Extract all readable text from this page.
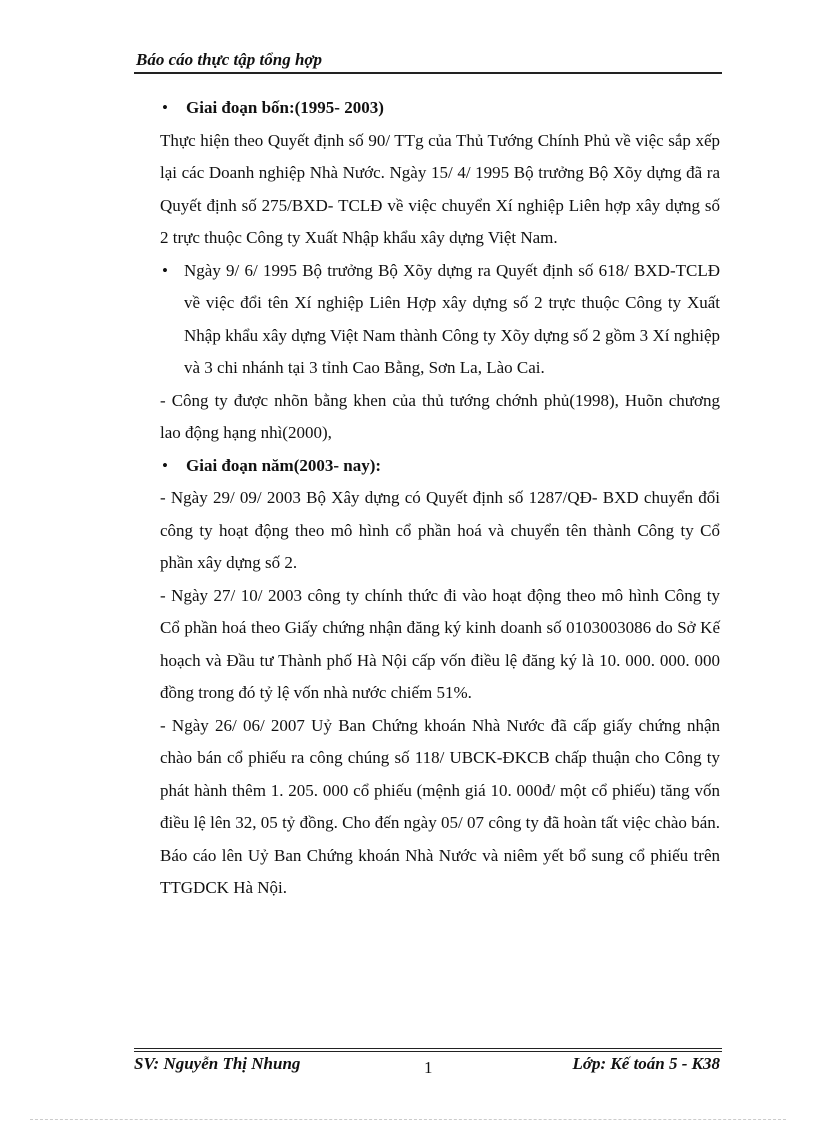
Báo cáo thực tập tổng hợp

• Giai đoạn bốn:(1995- 2003)

Thực hiện theo Quyết định số 90/ TTg của Thủ Tướng Chính Phủ về việc sắp xếp lại các Doanh nghiệp Nhà Nước. Ngày 15/ 4/ 1995 Bộ trưởng Bộ Xõy dựng đã ra Quyết định số 275/BXD- TCLĐ về việc chuyển Xí nghiệp Liên hợp xây dựng số 2 trực thuộc Công ty Xuất Nhập khẩu xây dựng Việt Nam.

• Ngày 9/ 6/ 1995 Bộ trưởng Bộ Xõy dựng ra Quyết định số 618/ BXD-TCLĐ về việc đổi tên Xí nghiệp Liên Hợp xây dựng số 2 trực thuộc Công ty Xuất Nhập khẩu xây dựng Việt Nam thành Công ty Xõy dựng số 2 gồm 3 Xí nghiệp và 3 chi nhánh tại 3 tỉnh Cao Bằng, Sơn La, Lào Cai.

- Công ty được nhõn bằng khen của thủ tướng chớnh phủ(1998), Huõn chương lao động hạng nhì(2000),

• Giai đoạn năm(2003- nay):

- Ngày 29/ 09/ 2003 Bộ Xây dựng có Quyết định số 1287/QĐ- BXD chuyển đổi công ty hoạt động theo mô hình cổ phần hoá và chuyển tên thành Công ty Cổ phần xây dựng số 2.

- Ngày 27/ 10/ 2003 công ty chính thức đi vào hoạt động theo mô hình Công ty Cổ phần hoá theo Giấy chứng nhận đăng ký kinh doanh số 0103003086 do Sở Kế hoạch và Đầu tư Thành phố Hà Nội cấp vốn điều lệ đăng ký là 10. 000. 000. 000 đồng trong đó tỷ lệ vốn nhà nước chiếm 51%.

- Ngày 26/ 06/ 2007 Uỷ Ban Chứng khoán Nhà Nước đã cấp giấy chứng nhận chào bán cổ phiếu ra công chúng số 118/ UBCK-ĐKCB chấp thuận cho Công ty phát hành thêm 1. 205. 000 cổ phiếu (mệnh giá 10. 000đ/ một cổ phiếu) tăng vốn điều lệ lên 32, 05 tỷ đồng. Cho đến ngày 05/ 07 công ty đã hoàn tất việc chào bán. Báo cáo lên Uỷ Ban Chứng khoán Nhà Nước và niêm yết bổ sung cổ phiếu trên TTGDCK Hà Nội.

SV: Nguyễn Thị Nhung	1	Lớp: Kế toán 5 - K38
